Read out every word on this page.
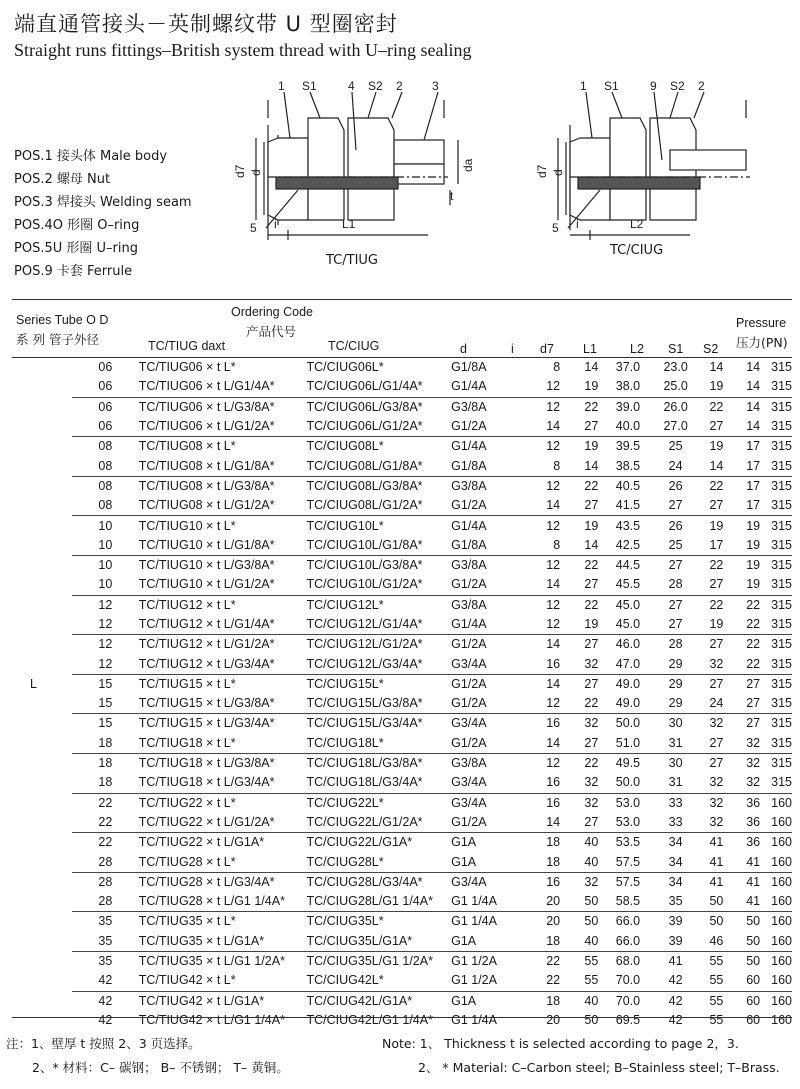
端直通管接头－英制螺纹带 U 型圈密封
Straight runs fittings–British system thread with U–ring sealing
POS.1 接头体 Male body
POS.2 螺母 Nut
POS.3 焊接头 Welding seam
POS.4O 形圈 O–ring
POS.5U 形圈 U–ring
POS.9 卡套 Ferrule
1 S1	4 S2 2 3
5
d7 d
da
t
i	L1
TC/TIUG
1 S1	9 S2 2
5
d7 d
i	L2
TC/CIUG
Series Tube O D
系 列 管子外径
Ordering Code
产品代号
TC/TIUG daxt	TC/CIUG	d	i d7 L1	L2 S1 S2
Pressure
压力(PN)
L
	06	TC/TIUG06 × t L*	TC/CIUG06L*	G1/8A	8	14	37.0	23.0	14	14	315
	06	TC/TIUG06 × t L/G1/4A*	TC/CIUG06L/G1/4A*	G1/4A	12	19	38.0	25.0	19	14	315
	06	TC/TIUG06 × t L/G3/8A*	TC/CIUG06L/G3/8A*	G3/8A	12	22	39.0	26.0	22	14	315
	06	TC/TIUG06 × t L/G1/2A*	TC/CIUG06L/G1/2A*	G1/2A	14	27	40.0	27.0	27	14	315
	08	TC/TIUG08 × t L*	TC/CIUG08L*	G1/4A	12	19	39.5	25	19	17	315
	08	TC/TIUG08 × t L/G1/8A*	TC/CIUG08L/G1/8A*	G1/8A	8	14	38.5	24	14	17	315
	08	TC/TIUG08 × t L/G3/8A*	TC/CIUG08L/G3/8A*	G3/8A	12	22	40.5	26	22	17	315
	08	TC/TIUG08 × t L/G1/2A*	TC/CIUG08L/G1/2A*	G1/2A	14	27	41.5	27	27	17	315
	10	TC/TIUG10 × t L*	TC/CIUG10L*	G1/4A	12	19	43.5	26	19	19	315
	10	TC/TIUG10 × t L/G1/8A*	TC/CIUG10L/G1/8A*	G1/8A	8	14	42.5	25	17	19	315
	10	TC/TIUG10 × t L/G3/8A*	TC/CIUG10L/G3/8A*	G3/8A	12	22	44.5	27	22	19	315
	10	TC/TIUG10 × t L/G1/2A*	TC/CIUG10L/G1/2A*	G1/2A	14	27	45.5	28	27	19	315
	12	TC/TIUG12 × t L*	TC/CIUG12L*	G3/8A	12	22	45.0	27	22	22	315
	12	TC/TIUG12 × t L/G1/4A*	TC/CIUG12L/G1/4A*	G1/4A	12	19	45.0	27	19	22	315
	12	TC/TIUG12 × t L/G1/2A*	TC/CIUG12L/G1/2A*	G1/2A	14	27	46.0	28	27	22	315
	12	TC/TIUG12 × t L/G3/4A*	TC/CIUG12L/G3/4A*	G3/4A	16	32	47.0	29	32	22	315
	15	TC/TIUG15 × t L*	TC/CIUG15L*	G1/2A	14	27	49.0	29	27	27	315
	15	TC/TIUG15 × t L/G3/8A*	TC/CIUG15L/G3/8A*	G1/2A	12	22	49.0	29	24	27	315
	15	TC/TIUG15 × t L/G3/4A*	TC/CIUG15L/G3/4A*	G3/4A	16	32	50.0	30	32	27	315
	18	TC/TIUG18 × t L*	TC/CIUG18L*	G1/2A	14	27	51.0	31	27	32	315
	18	TC/TIUG18 × t L/G3/8A*	TC/CIUG18L/G3/8A*	G3/8A	12	22	49.5	30	27	32	315
	18	TC/TIUG18 × t L/G3/4A*	TC/CIUG18L/G3/4A*	G3/4A	16	32	50.0	31	32	32	315
	22	TC/TIUG22 × t L*	TC/CIUG22L*	G3/4A	16	32	53.0	33	32	36	160
	22	TC/TIUG22 × t L/G1/2A*	TC/CIUG22L/G1/2A*	G1/2A	14	27	53.0	33	32	36	160
	22	TC/TIUG22 × t L/G1A*	TC/CIUG22L/G1A*	G1A	18	40	53.5	34	41	36	160
	28	TC/TIUG28 × t L*	TC/CIUG28L*	G1A	18	40	57.5	34	41	41	160
	28	TC/TIUG28 × t L/G3/4A*	TC/CIUG28L/G3/4A*	G3/4A	16	32	57.5	34	41	41	160
	28	TC/TIUG28 × t L/G1 1/4A*	TC/CIUG28L/G1 1/4A*	G1 1/4A	20	50	58.5	35	50	41	160
	35	TC/TIUG35 × t L*	TC/CIUG35L*	G1 1/4A	20	50	66.0	39	50	50	160
	35	TC/TIUG35 × t L/G1A*	TC/CIUG35L/G1A*	G1A	18	40	66.0	39	46	50	160
	35	TC/TIUG35 × t L/G1 1/2A*	TC/CIUG35L/G1 1/2A*	G1 1/2A	22	55	68.0	41	55	50	160
	42	TC/TIUG42 × t L*	TC/CIUG42L*	G1 1/2A	22	55	70.0	42	55	60	160
	42	TC/TIUG42 × t L/G1A*	TC/CIUG42L/G1A*	G1A	18	40	70.0	42	55	60	160
	42	TC/TIUG42 × t L/G1 1/4A*	TC/CIUG42L/G1 1/4A*	G1 1/4A	20	50	69.5	42	55	60	160
注：1、壁厚 t 按照 2、3 页选择。
2、* 材料：C– 碳钢； B– 不锈钢； T– 黄铜。
Note: 1、 Thickness t is selected according to page 2，3.
2、 * Material: C–Carbon steel; B–Stainless steel; T–Brass.
